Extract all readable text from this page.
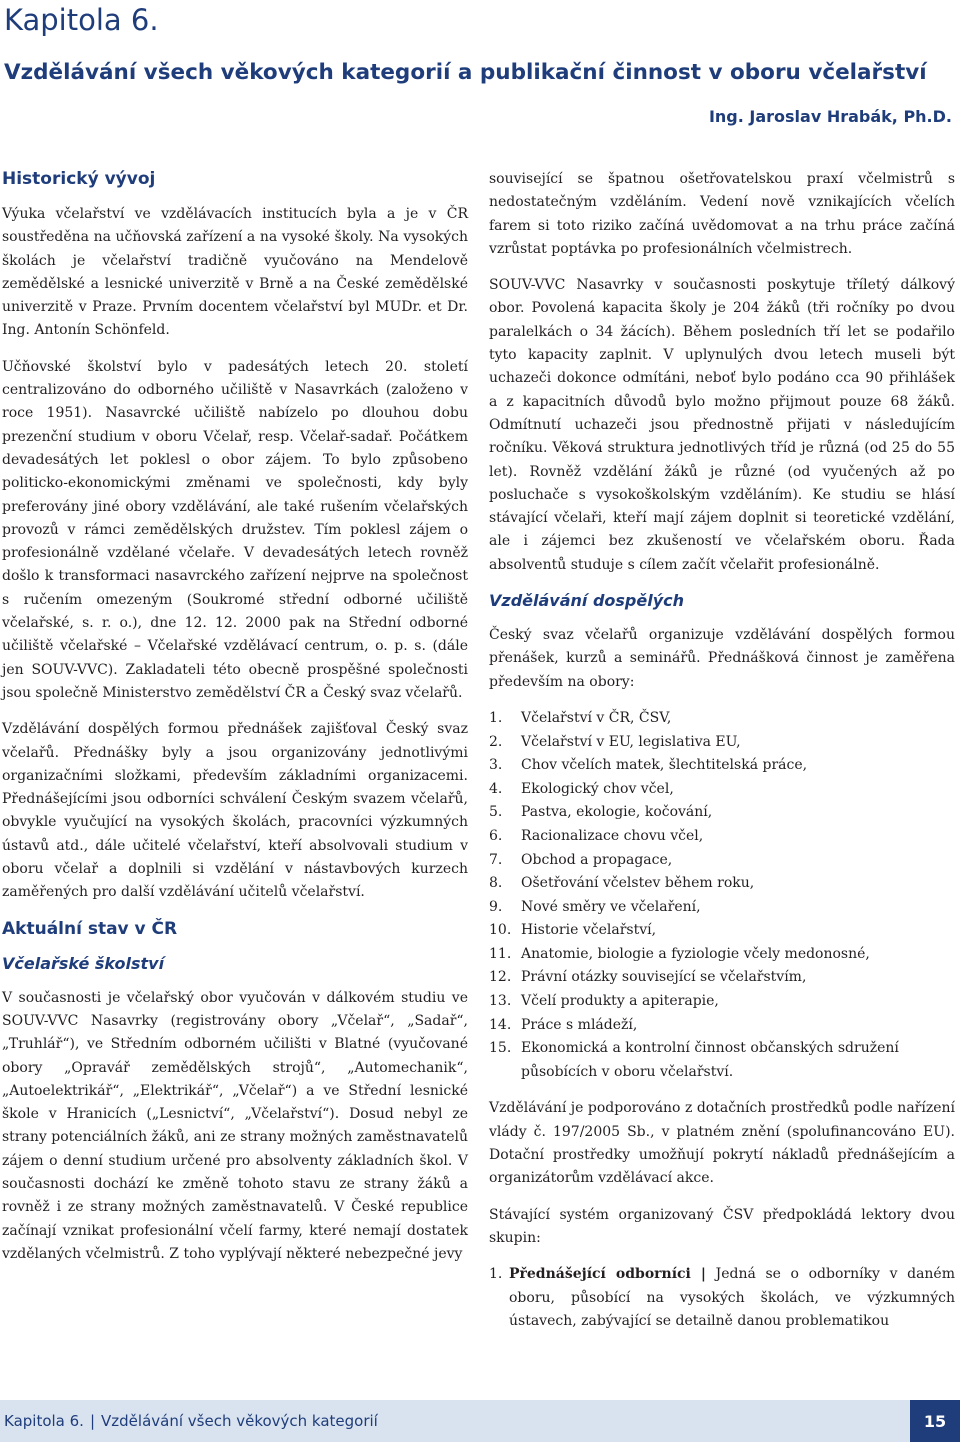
Kapitola 6.
Vzdělávání všech věkových kategorií a publikační činnost v oboru včelařství
Ing. Jaroslav Hrabák, Ph.D.
Historický vývoj

Výuka včelařství ve vzdělávacích institucích byla a je v ČR soustředěna na učňovská zařízení a na vysoké školy. Na vysokých školách je včelařství tradičně vyučováno na Mendelově zemědělské a lesnické univerzitě v Brně a na České zemědělské univerzitě v Praze. Prvním docentem včelařství byl MUDr. et Dr. Ing. Antonín Schönfeld.

Učňovské školství bylo v padesátých letech 20. století centralizováno do odborného učiliště v Nasavrkách (založeno v roce 1951). Nasavrcké učiliště nabízelo po dlouhou dobu prezenční studium v oboru Včelař, resp. Včelař-sadař. Počátkem devadesátých let poklesl o obor zájem. To bylo způsobeno politicko-ekonomickými změnami ve společnosti, kdy byly preferovány jiné obory vzdělávání, ale také rušením včelařských provozů v rámci zemědělských družstev. Tím poklesl zájem o profesionálně vzdělané včelaře. V devadesátých letech rovněž došlo k transformaci nasavrckého zařízení nejprve na společnost s ručením omezeným (Soukromé střední odborné učiliště včelařské, s. r. o.), dne 12. 12. 2000 pak na Střední odborné učiliště včelařské – Včelařské vzdělávací centrum, o. p. s. (dále jen SOUV-VVC). Zakladateli této obecně prospěšné společnosti jsou společně Ministerstvo zemědělství ČR a Český svaz včelařů.

Vzdělávání dospělých formou přednášek zajišťoval Český svaz včelařů. Přednášky byly a jsou organizovány jednotlivými organizačními složkami, především základními organizacemi. Přednášejícími jsou odborníci schválení Českým svazem včelařů, obvykle vyučující na vysokých školách, pracovníci výzkumných ústavů atd., dále učitelé včelařství, kteří absolvovali studium v oboru včelař a doplnili si vzdělání v nástavbových kurzech zaměřených pro další vzdělávání učitelů včelařství.

Aktuální stav v ČR
Včelařské školství

V současnosti je včelařský obor vyučován v dálkovém studiu ve SOUV-VVC Nasavrky (registrovány obory „Včelař“, „Sadař“, „Truhlář“), ve Středním odborném učilišti v Blatné (vyučované obory „Opravář zemědělských strojů“, „Automechanik“, „Autoelektrikář“, „Elektrikář“, „Včelař“) a ve Střední lesnické škole v Hranicích („Lesnictví“, „Včelařství“). Dosud nebyl ze strany potenciálních žáků, ani ze strany možných zaměstnavatelů zájem o denní studium určené pro absolventy základních škol. V současnosti dochází ke změně tohoto stavu ze strany žáků a rovněž i ze strany možných zaměstnavatelů. V České republice začínají vznikat profesionální včelí farmy, které nemají dostatek vzdělaných včelmistrů. Z toho vyplývají některé nebezpečné jevy

související se špatnou ošetřovatelskou praxí včelmistrů s nedostatečným vzděláním. Vedení nově vznikajících včelích farem si toto riziko začíná uvědomovat a na trhu práce začíná vzrůstat poptávka po profesionálních včelmistrech.

SOUV-VVC Nasavrky v současnosti poskytuje tříletý dálkový obor. Povolená kapacita školy je 204 žáků (tři ročníky po dvou paralelkách o 34 žácích). Během posledních tří let se podařilo tyto kapacity zaplnit. V uplynulých dvou letech museli být uchazeči dokonce odmítáni, neboť bylo podáno cca 90 přihlášek a z kapacitních důvodů bylo možno přijmout pouze 68 žáků. Odmítnutí uchazeči jsou přednostně přijati v následujícím ročníku. Věková struktura jednotlivých tříd je různá (od 25 do 55 let). Rovněž vzdělání žáků je různé (od vyučených až po posluchače s vysokoškolským vzděláním). Ke studiu se hlásí stávající včelaři, kteří mají zájem doplnit si teoretické vzdělání, ale i zájemci bez zkušeností ve včelařském oboru. Řada absolventů studuje s cílem začít včelařit profesionálně.

Vzdělávání dospělých

Český svaz včelařů organizuje vzdělávání dospělých formou přenášek, kurzů a seminářů. Přednášková činnost je zaměřena především na obory:

1.	Včelařství v ČR, ČSV,
2.	Včelařství v EU, legislativa EU,
3.	Chov včelích matek, šlechtitelská práce,
4.	Ekologický chov včel,
5.	Pastva, ekologie, kočování,
6.	Racionalizace chovu včel,
7.	Obchod a propagace,
8.	Ošetřování včelstev během roku,
9.	Nové směry ve včelaření,
10. Historie včelařství,
11. Anatomie, biologie a fyziologie včely medonosné,
12. Právní otázky související se včelařstvím,
13. Včelí produkty a apiterapie,
14. Práce s mládeží,
15. Ekonomická a kontrolní činnost občanských sdružení působících v oboru včelařství.

Vzdělávání je podporováno z dotačních prostředků podle nařízení vlády č. 197/2005 Sb., v platném znění (spolufinancováno EU). Dotační prostředky umožňují pokrytí nákladů přednášejícím a organizátorům vzdělávací akce.

Stávající systém organizovaný ČSV předpokládá lektory dvou skupin:

1. Přednášející odborníci | Jedná se o odborníky v daném oboru, působící na vysokých školách, ve výzkumných ústavech, zabývající se detailně danou problematikou
Kapitola 6. | Vzdělávání všech věkových kategorií	15
